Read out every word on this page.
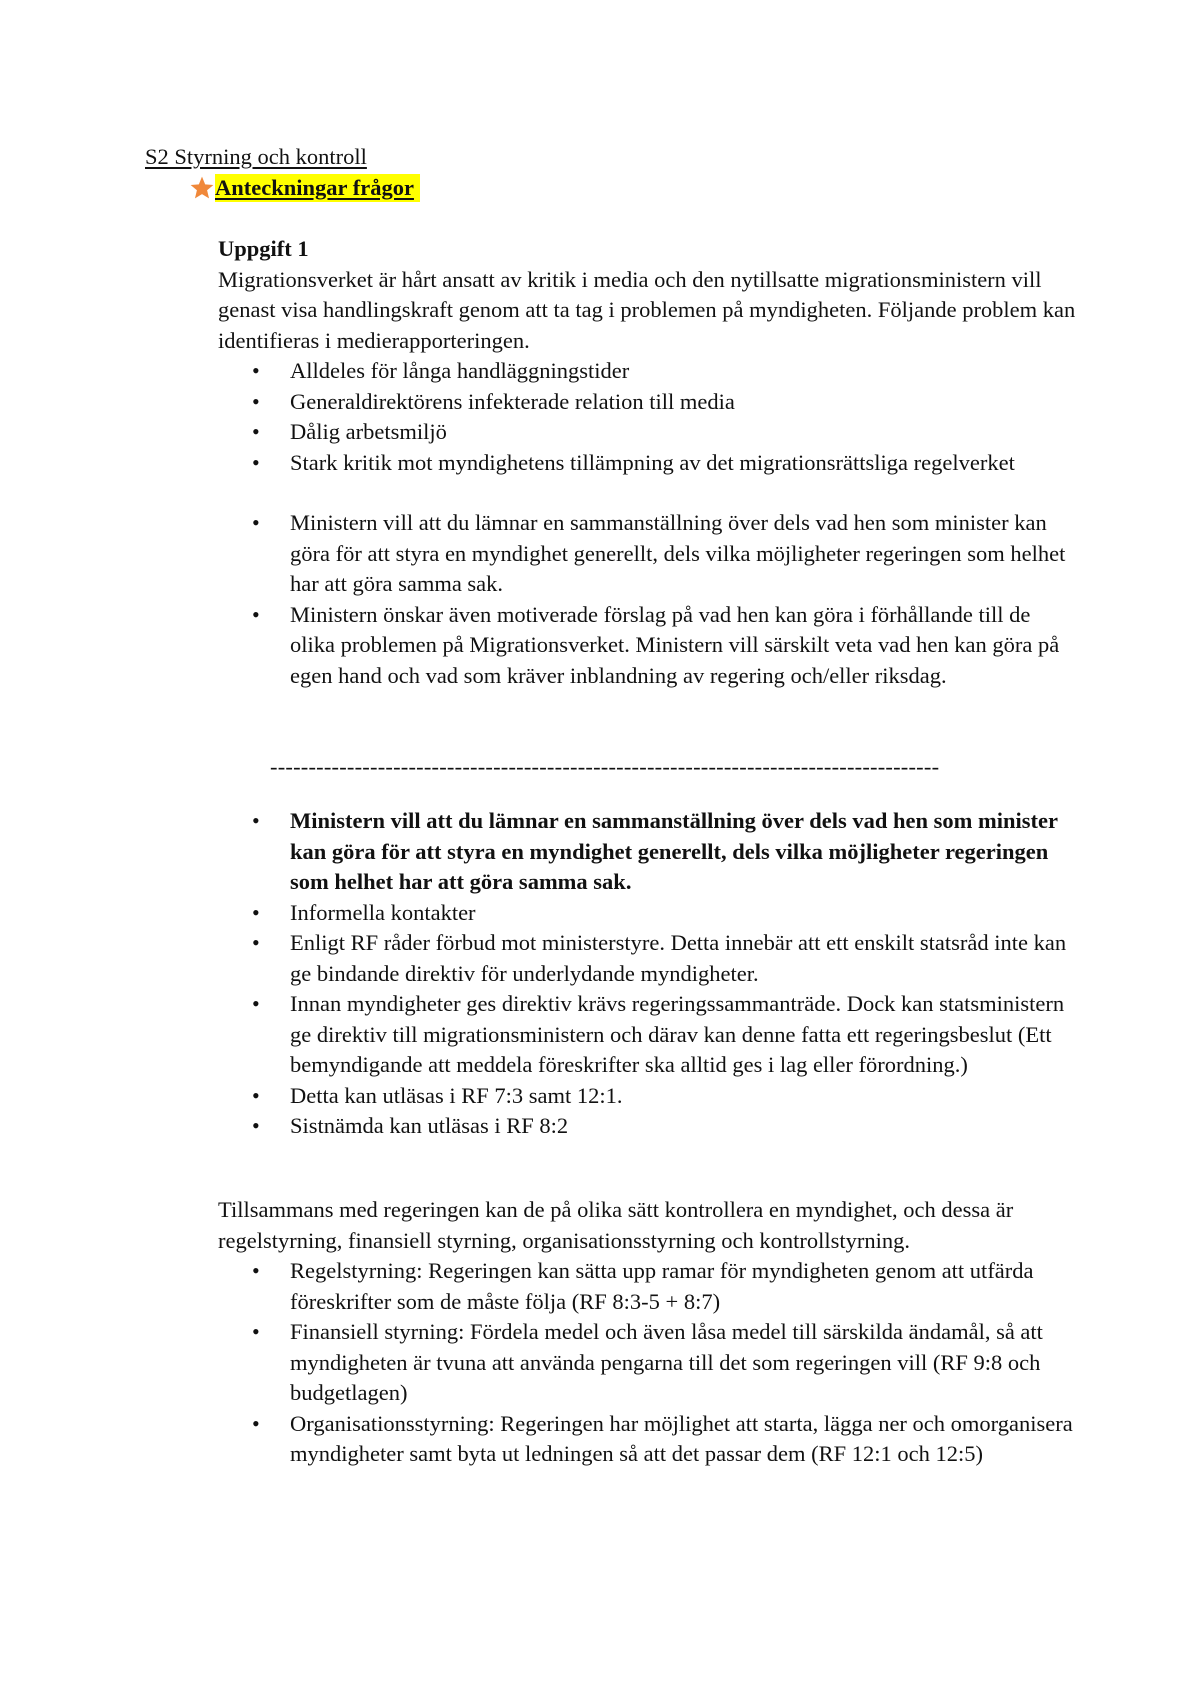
S2 Styrning och kontroll
Anteckningar frågor
Uppgift 1
Migrationsverket är hårt ansatt av kritik i media och den nytillsatte migrationsministern vill genast visa handlingskraft genom att ta tag i problemen på myndigheten. Följande problem kan identifieras i medierapporteringen.
• Alldeles för långa handläggningstider
• Generaldirektörens infekterade relation till media
• Dålig arbetsmiljö
• Stark kritik mot myndighetens tillämpning av det migrationsrättsliga regelverket
• Ministern vill att du lämnar en sammanställning över dels vad hen som minister kan göra för att styra en myndighet generellt, dels vilka möjligheter regeringen som helhet har att göra samma sak.
• Ministern önskar även motiverade förslag på vad hen kan göra i förhållande till de olika problemen på Migrationsverket. Ministern vill särskilt veta vad hen kan göra på egen hand och vad som kräver inblandning av regering och/eller riksdag.
---------------------------------------------------------------------------------------
• Ministern vill att du lämnar en sammanställning över dels vad hen som minister kan göra för att styra en myndighet generellt, dels vilka möjligheter regeringen som helhet har att göra samma sak.
• Informella kontakter
• Enligt RF råder förbud mot ministerstyre. Detta innebär att ett enskilt statsråd inte kan ge bindande direktiv för underlydande myndigheter.
• Innan myndigheter ges direktiv krävs regeringssammanträde. Dock kan statsministern ge direktiv till migrationsministern och därav kan denne fatta ett regeringsbeslut (Ett bemyndigande att meddela föreskrifter ska alltid ges i lag eller förordning.)
• Detta kan utläsas i RF 7:3 samt 12:1.
• Sistnämda kan utläsas i RF 8:2
Tillsammans med regeringen kan de på olika sätt kontrollera en myndighet, och dessa är regelstyrning, finansiell styrning, organisationsstyrning och kontrollstyrning.
• Regelstyrning: Regeringen kan sätta upp ramar för myndigheten genom att utfärda föreskrifter som de måste följa (RF 8:3-5 + 8:7)
• Finansiell styrning: Fördela medel och även låsa medel till särskilda ändamål, så att myndigheten är tvuna att använda pengarna till det som regeringen vill (RF 9:8 och budgetlagen)
• Organisationsstyrning: Regeringen har möjlighet att starta, lägga ner och omorganisera myndigheter samt byta ut ledningen så att det passar dem (RF 12:1 och 12:5)
